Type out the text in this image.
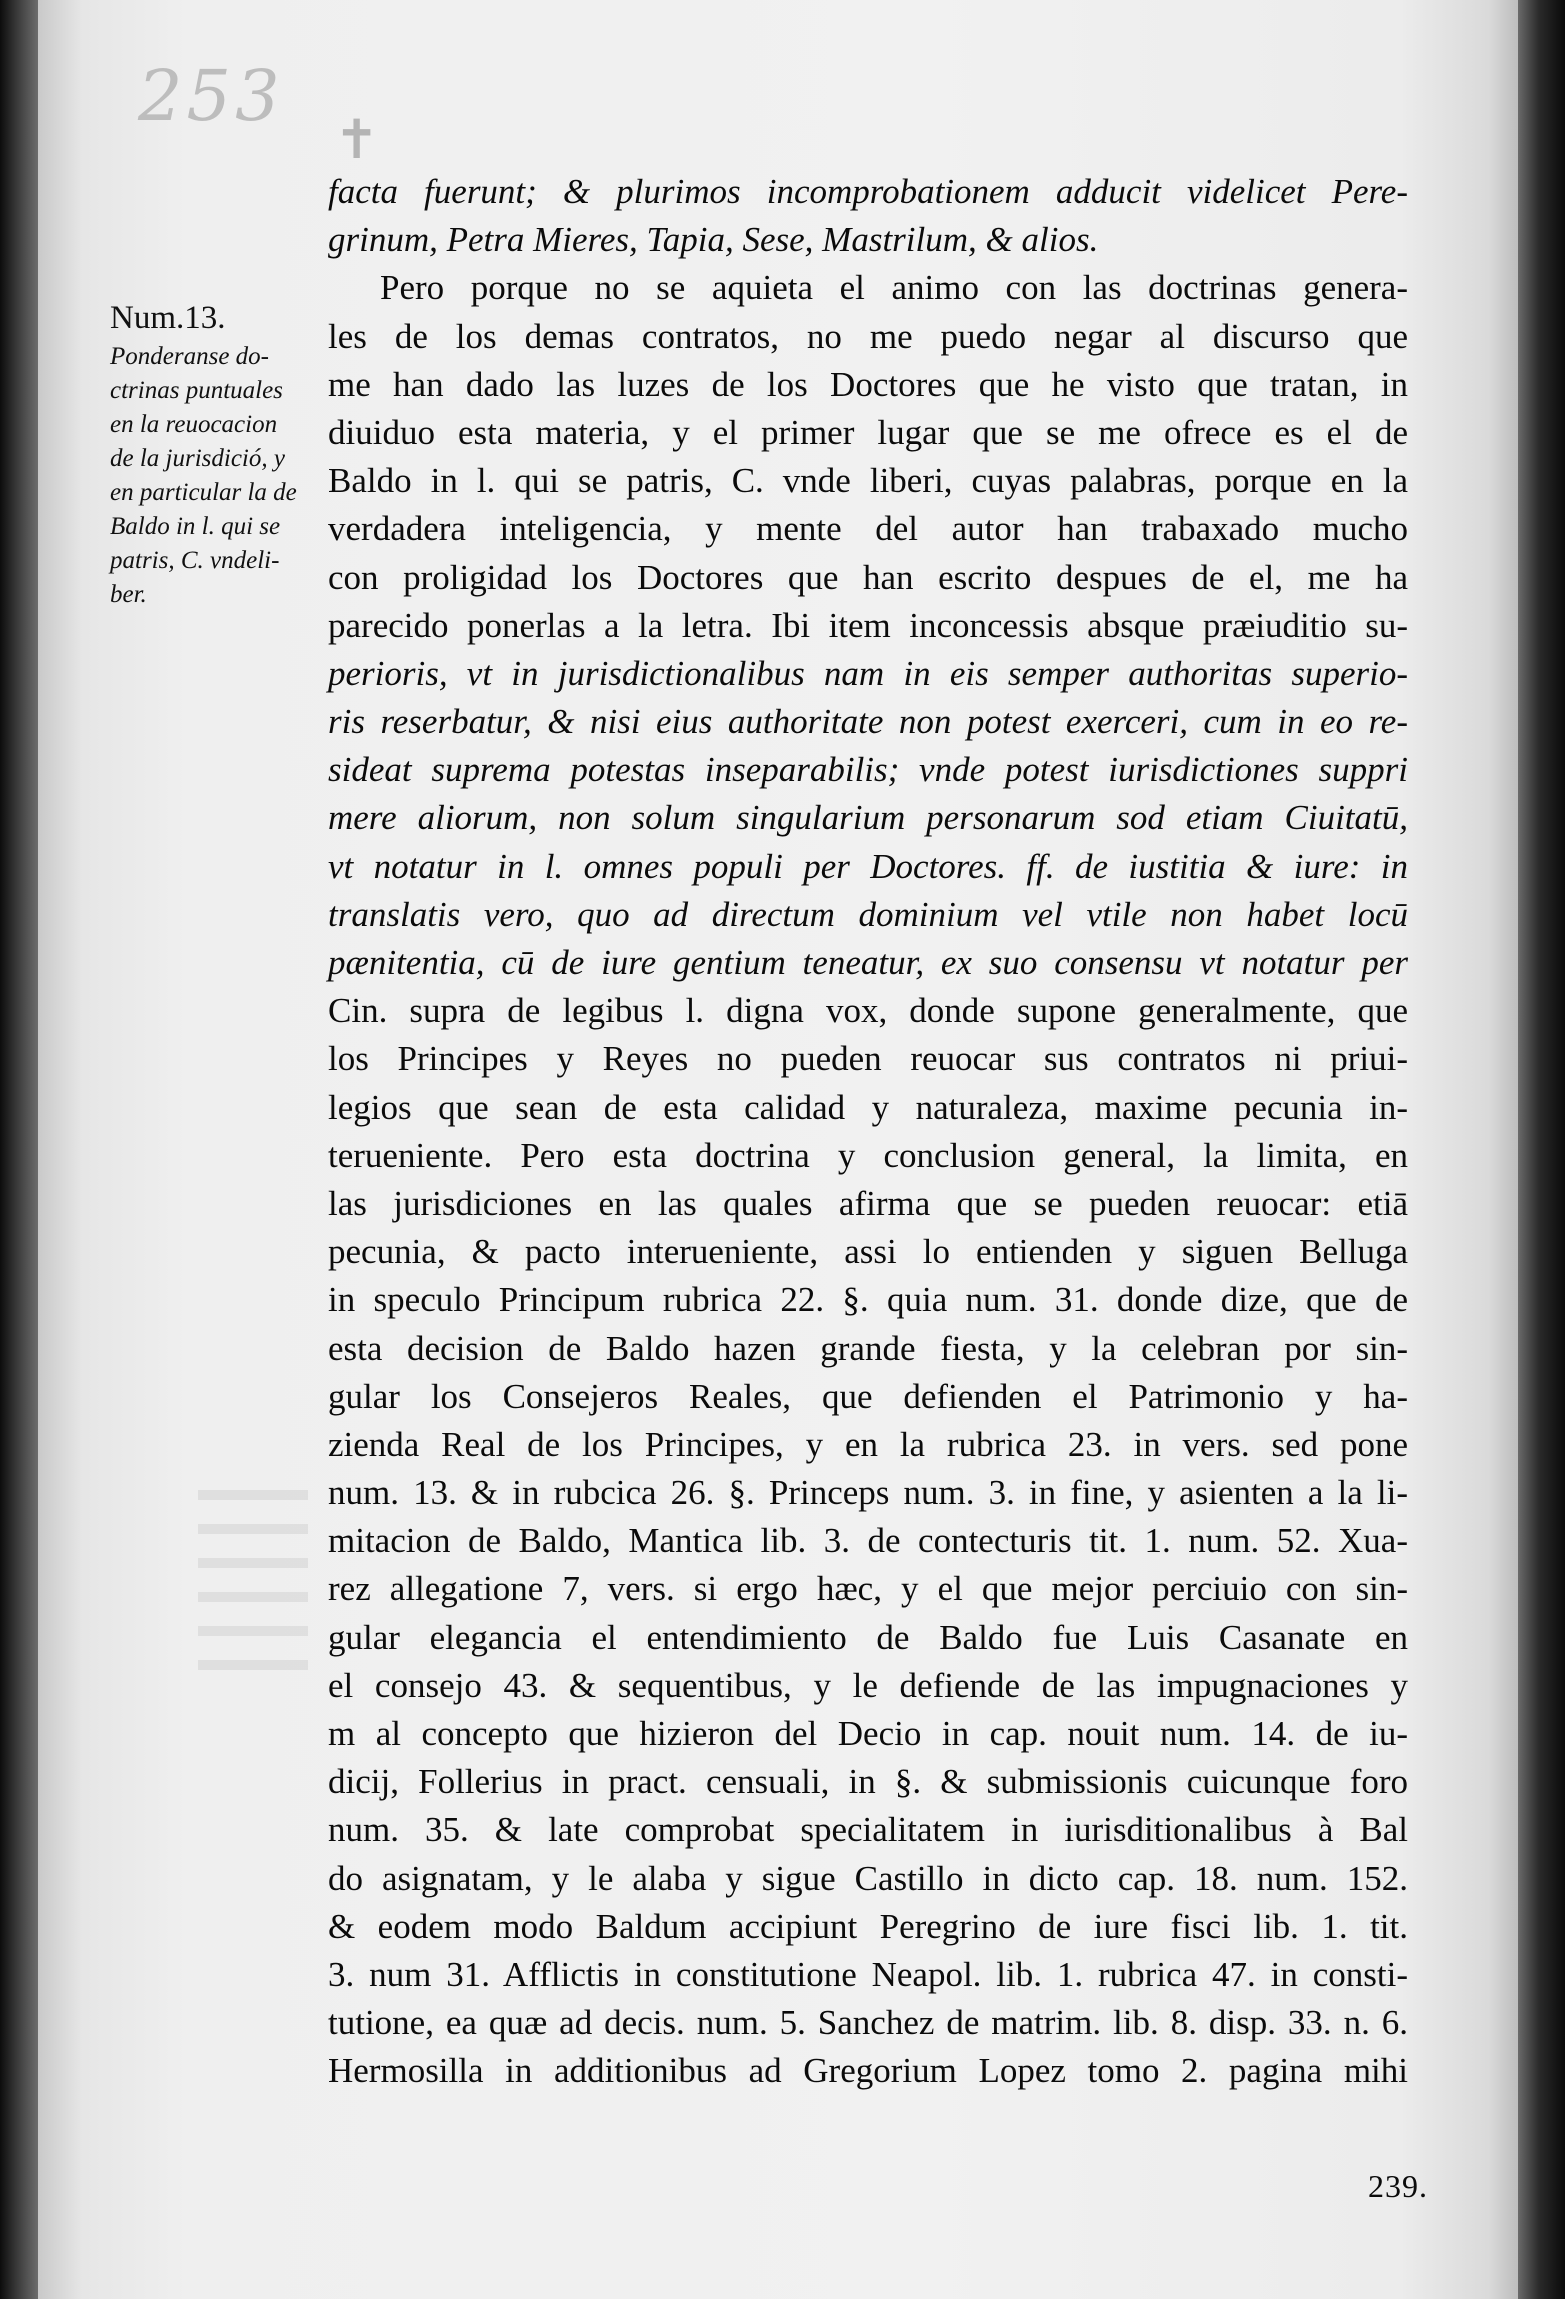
253
✝
Num.13.
Ponderanse do-
ctrinas puntuales
en la reuocacion
de la jurisdició, y
en particular la de
Baldo in l. qui se
patris, C. vndeli-
ber.
facta fuerunt; & plurimos incomprobationem adducit videlicet Pere-
grinum, Petra Mieres, Tapia, Sese, Mastrilum, & alios.
Pero porque no se aquieta el animo con las doctrinas genera-
les de los demas contratos, no me puedo negar al discurso que
me han dado las luzes de los Doctores que he visto que tratan, in
diuiduo esta materia, y el primer lugar que se me ofrece es el de
Baldo in l. qui se patris, C. vnde liberi, cuyas palabras, porque en la
verdadera inteligencia, y mente del autor han trabaxado mucho
con proligidad los Doctores que han escrito despues de el, me ha
parecido ponerlas a la letra. Ibi item inconcessis absque præiuditio su-
perioris, vt in jurisdictionalibus nam in eis semper authoritas superio-
ris reserbatur, & nisi eius authoritate non potest exerceri, cum in eo re-
sideat suprema potestas inseparabilis; vnde potest iurisdictiones suppri
mere aliorum, non solum singularium personarum sod etiam Ciuitatū,
vt notatur in l. omnes populi per Doctores. ff. de iustitia & iure: in
translatis vero, quo ad directum dominium vel vtile non habet locū
pænitentia, cū de iure gentium teneatur, ex suo consensu vt notatur per
Cin. supra de legibus l. digna vox, donde supone generalmente, que
los Principes y Reyes no pueden reuocar sus contratos ni priui-
legios que sean de esta calidad y naturaleza, maxime pecunia in-
terueniente. Pero esta doctrina y conclusion general, la limita, en
las jurisdiciones en las quales afirma que se pueden reuocar: etiā
pecunia, & pacto interueniente, assi lo entienden y siguen Belluga
in speculo Principum rubrica 22. §. quia num. 31. donde dize, que de
esta decision de Baldo hazen grande fiesta, y la celebran por sin-
gular los Consejeros Reales, que defienden el Patrimonio y ha-
zienda Real de los Principes, y en la rubrica 23. in vers. sed pone
num. 13. & in rubcica 26. §. Princeps num. 3. in fine, y asienten a la li-
mitacion de Baldo, Mantica lib. 3. de contecturis tit. 1. num. 52. Xua-
rez allegatione 7, vers. si ergo hæc, y el que mejor perciuio con sin-
gular elegancia el entendimiento de Baldo fue Luis Casanate en
el consejo 43. & sequentibus, y le defiende de las impugnaciones y
m al concepto que hizieron del Decio in cap. nouit num. 14. de iu-
dicij, Follerius in pract. censuali, in §. & submissionis cuicunque foro
num. 35. & late comprobat specialitatem in iurisditionalibus à Bal
do asignatam, y le alaba y sigue Castillo in dicto cap. 18. num. 152.
& eodem modo Baldum accipiunt Peregrino de iure fisci lib. 1. tit.
3. num 31. Afflictis in constitutione Neapol. lib. 1. rubrica 47. in consti-
tutione, ea quæ ad decis. num. 5. Sanchez de matrim. lib. 8. disp. 33. n. 6.
Hermosilla in additionibus ad Gregorium Lopez tomo 2. pagina mihi
239.
